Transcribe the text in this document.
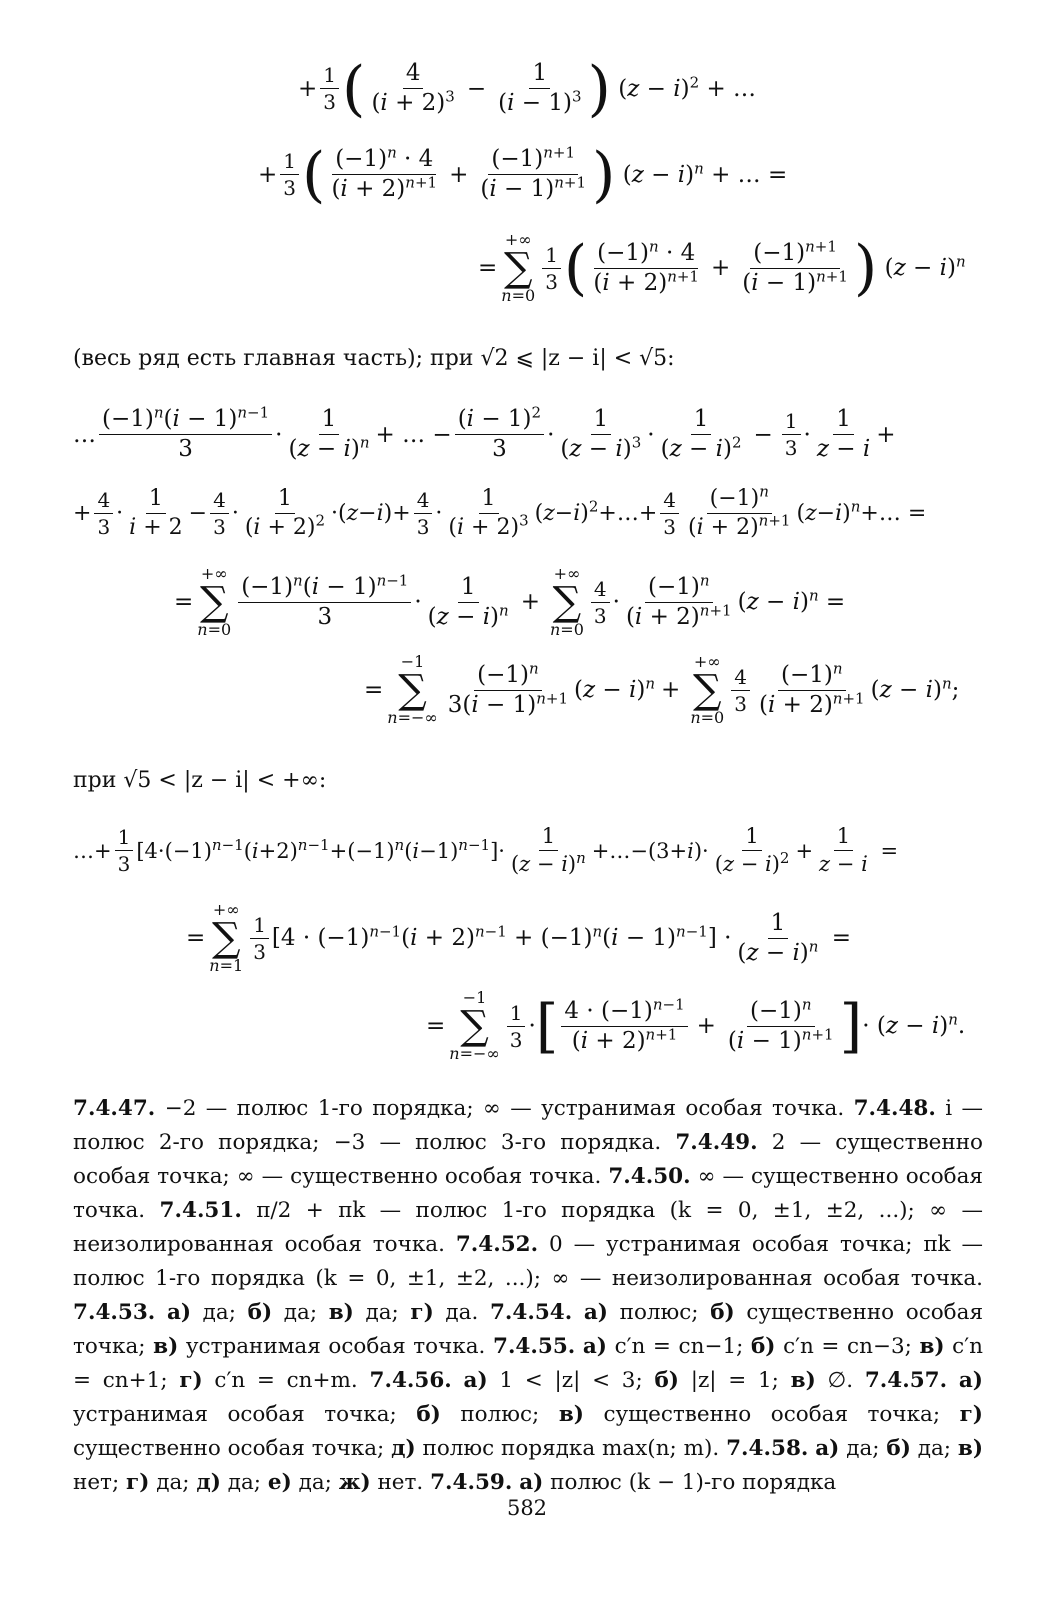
+ $\frac{1}{3}$ ( 4
$(i + 2)^3 - \frac{1}{(i - 1)^3}$ ) $(z - i)^2$ + …
+ $\frac{1}{3}$ ( $(-1)^n \cdot 4$
$(i + 2)^{n+1} + \frac{(-1)^{n+1}}{(i - 1)^{n+1}}$ ) $(z - i)^n$ + … =
=
+∞
∑
n=0
1
3 ( $(-1)^n \cdot 4$
$(i + 2)^{n+1} + \frac{(-1)^{n+1}}{(i - 1)^{n+1}}$ ) $(z - i)^n$
(весь ряд есть главная часть); при √2 ⩽ |z − i| < √5:
…
$(-1)^n(i - 1)^{n-1}$
3
·
1
$(z - i)^n$ + … − $\frac{(i - 1)^2}{3}$ ·
1
$(z - i)^3$ ·
1
$(z - i)^2 - \frac{1}{3}$ ·
1
z − i
+
+ $\frac{4}{3}$ ·
1
i + 2
− $\frac{4}{3}$ ·
1
$(i + 2)^2 \cdot(z-i)+ \frac{4}{3}$ ·
1
$(i + 2)^3$ $(z-i)^2+\dots+ \frac{4}{3} (-1)^n$
$(i + 2)^{n+1}$ $(z-i)^n+\dots$ =
=
+∞
∑
n=0
$(-1)^n(i - 1)^{n-1}$
3
·
1
$(z - i)^n$ +
+∞
∑
n=0
4
3
·
$(-1)^n$
$(i + 2)^{n+1}$ $(z - i)^n$ =
=
−1
∑
n=−∞
$(-1)^n$
$3(i - 1)^{n+1}$ $(z - i)^n$ +
+∞
∑
n=0
4
3
$(-1)^n$
$(i + 2)^{n+1}$ $(z - i)^n$;
при √5 < |z − i| < +∞:
…+ $\frac{1}{3} [4\cdot(-1)^{n-1}(i+2)^{n-1}+(-1)^n(i-1)^{n-1}]\cdot$
1
$(z - i)^n$ +…−(3+i)·
1
$(z - i)^2 + \frac{1}{z - i}$ =
=
+∞
∑
n=1
1
3
$[4 \cdot (-1)^{n-1}(i + 2)^{n-1} + (-1)^n(i - 1)^{n-1}] \cdot \frac{1}{(z - i)^n}$ =
=
−1
∑
n=−∞
1
3
· [ $4 \cdot (-1)^{n-1}$
$(i + 2)^{n+1} + \frac{(-1)^n}{(i - 1)^{n+1}}$ ] · $(z - i)^n$.
7.4.47. −2 — полюс 1-го порядка; ∞ — устранимая особая точка. 7.4.48. i — полюс 2-го порядка; −3 — полюс 3-го порядка. 7.4.49. 2 — существенно особая точка; ∞ — существенно особая точка. 7.4.50. ∞ — существенно особая точка. 7.4.51. π/2 + πk — полюс 1-го порядка (k = 0, ±1, ±2, ...); ∞ — неизолированная особая точка. 7.4.52. 0 — устранимая особая точка; πk — полюс 1-го порядка (k = 0, ±1, ±2, ...); ∞ — неизолированная особая точка. 7.4.53. а) да; б) да; в) да; г) да. 7.4.54. а) полюс; б) существенно особая точка; в) устранимая особая точка. 7.4.55. а) c′n = cn−1; б) c′n = cn−3; в) c′n = cn+1; г) c′n = cn+m. 7.4.56. а) 1 < |z| < 3; б) |z| = 1; в) ∅. 7.4.57. а) устранимая особая точка; б) полюс; в) существенно особая точка; г) существенно особая точка; д) полюс порядка max(n; m). 7.4.58. а) да; б) да; в) нет; г) да; д) да; е) да; ж) нет. 7.4.59. а) полюс (k − 1)-го порядка
582
